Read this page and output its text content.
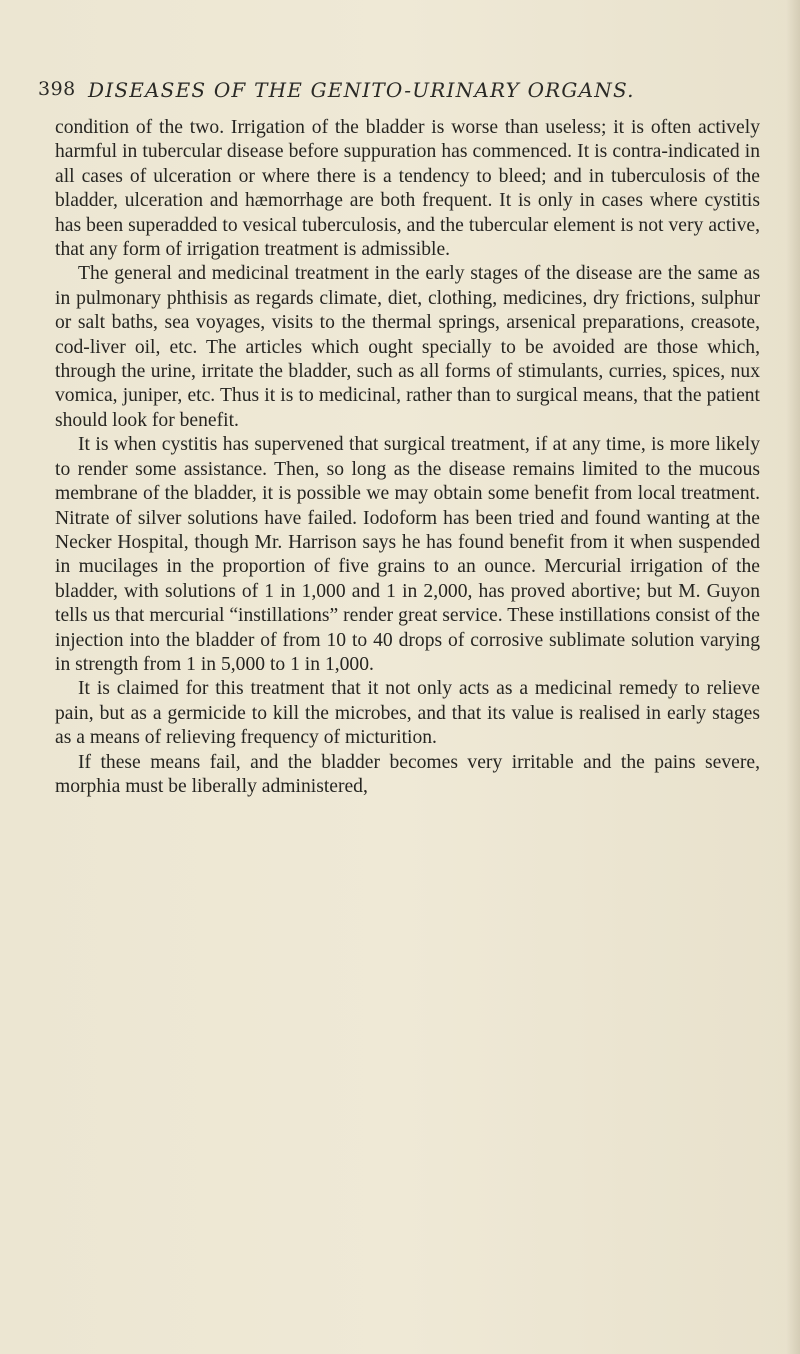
398 DISEASES OF THE GENITO-URINARY ORGANS.

condition of the two. Irrigation of the bladder is worse than useless; it is often actively harmful in tubercular disease before suppuration has commenced. It is contra-indicated in all cases of ulceration or where there is a tendency to bleed; and in tuberculosis of the bladder, ulceration and hæmorrhage are both frequent. It is only in cases where cystitis has been superadded to vesical tuberculosis, and the tubercular element is not very active, that any form of irrigation treatment is admissible.

The general and medicinal treatment in the early stages of the disease are the same as in pulmonary phthisis as regards climate, diet, clothing, medicines, dry frictions, sulphur or salt baths, sea voyages, visits to the thermal springs, arsenical preparations, creasote, cod-liver oil, etc. The articles which ought specially to be avoided are those which, through the urine, irritate the bladder, such as all forms of stimulants, curries, spices, nux vomica, juniper, etc. Thus it is to medicinal, rather than to surgical means, that the patient should look for benefit.

It is when cystitis has supervened that surgical treatment, if at any time, is more likely to render some assistance. Then, so long as the disease remains limited to the mucous membrane of the bladder, it is possible we may obtain some benefit from local treatment. Nitrate of silver solutions have failed. Iodoform has been tried and found wanting at the Necker Hospital, though Mr. Harrison says he has found benefit from it when suspended in mucilages in the proportion of five grains to an ounce. Mercurial irrigation of the bladder, with solutions of 1 in 1,000 and 1 in 2,000, has proved abortive; but M. Guyon tells us that mercurial “instillations” render great service. These instillations consist of the injection into the bladder of from 10 to 40 drops of corrosive sublimate solution varying in strength from 1 in 5,000 to 1 in 1,000.

It is claimed for this treatment that it not only acts as a medicinal remedy to relieve pain, but as a germicide to kill the microbes, and that its value is realised in early stages as a means of relieving frequency of micturition.

If these means fail, and the bladder becomes very irritable and the pains severe, morphia must be liberally administered,
